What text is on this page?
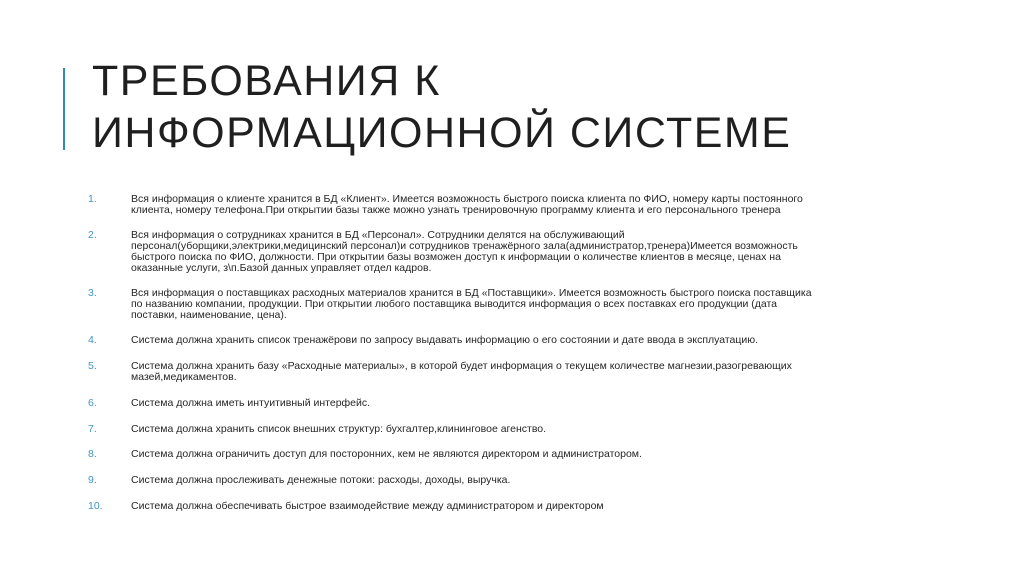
ТРЕБОВАНИЯ К
ИНФОРМАЦИОННОЙ СИСТЕМЕ
1.	Вся информация о клиенте хранится в БД «Клиент». Имеется возможность быстрого поиска клиента по ФИО, номеру карты постоянного
клиента, номеру телефона.При открытии базы также можно узнать тренировочную программу клиента и его персонального тренера
2.	Вся информация о сотрудниках хранится в БД «Персонал». Сотрудники делятся на обслуживающий
персонал(уборщики,электрики,медицинский персонал)и сотрудников тренажёрного зала(администратор,тренера)Имеется возможность
быстрого поиска по ФИО, должности. При открытии базы возможен доступ к информации о количестве клиентов в месяце, ценах на
оказанные услуги, з\п.Базой данных управляет отдел кадров.
3.	Вся информация о поставщиках расходных материалов хранится в БД «Поставщики». Имеется возможность быстрого поиска поставщика
по названию компании, продукции. При открытии любого поставщика выводится информация о всех поставках его продукции (дата
поставки, наименование, цена).
4.	Система должна хранить список тренажёрови по запросу выдавать информацию о его состоянии и дате ввода в эксплуатацию.
5.	Система должна хранить базу «Расходные материалы», в которой будет информация о текущем количестве магнезии,разогревающих
мазей,медикаментов.
6.	Система должна иметь интуитивный интерфейс.
7.	Система должна хранить список внешних структур: бухгалтер,клининговое агенство.
8.	Система должна ограничить доступ для посторонних, кем не являются директором и администратором.
9.	Система должна прослеживать денежные потоки: расходы, доходы, выручка.
10.	Система должна обеспечивать быстрое взаимодействие между администратором и директором
